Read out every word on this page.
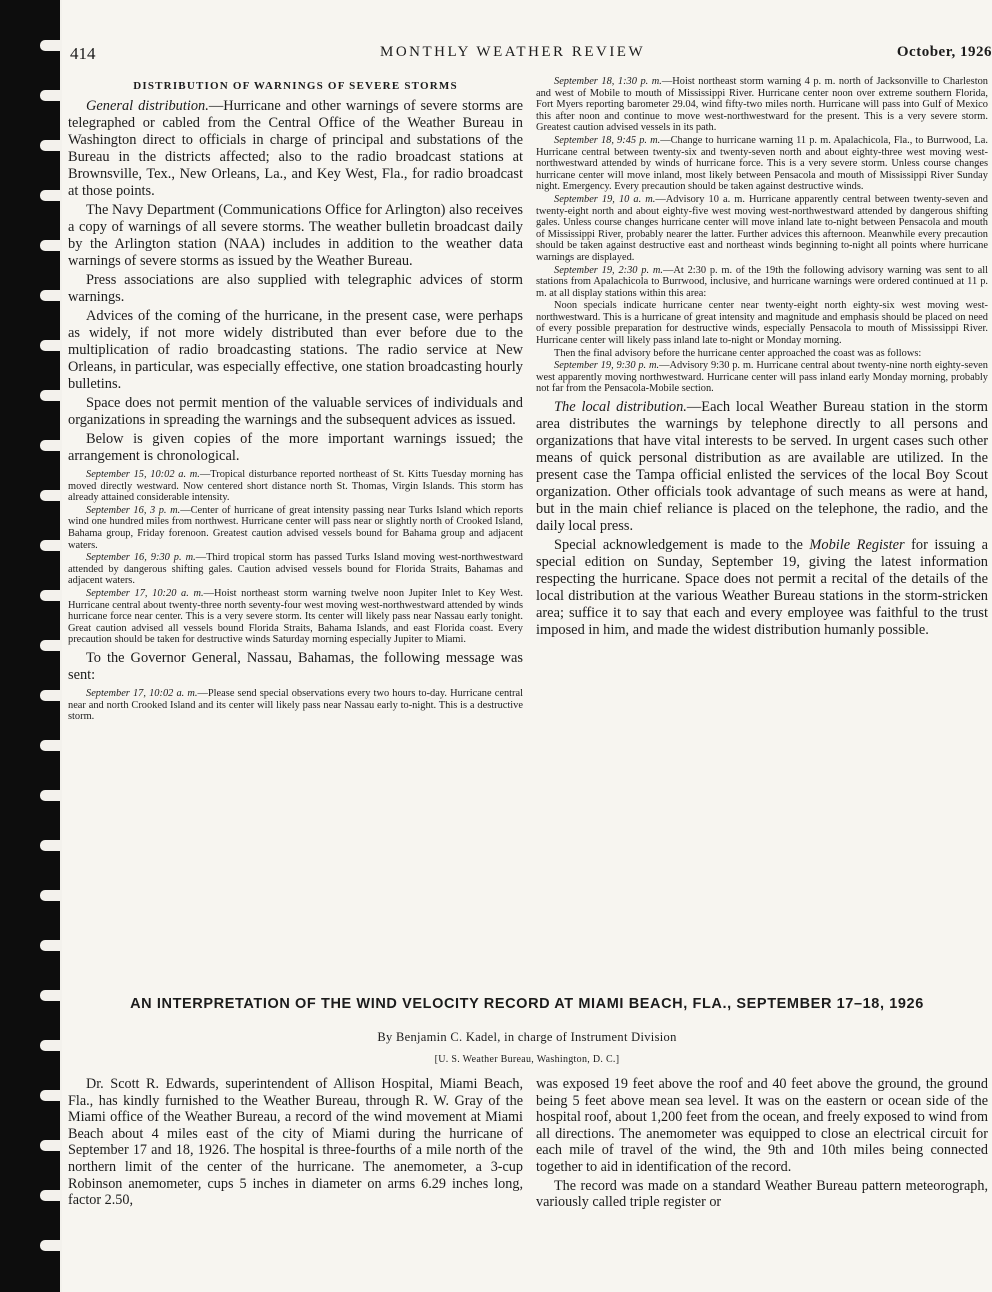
414	MONTHLY WEATHER REVIEW	October, 1926
DISTRIBUTION OF WARNINGS OF SEVERE STORMS

General distribution.—Hurricane and other warnings of severe storms are telegraphed or cabled from the Central Office of the Weather Bureau in Washington direct to officials in charge of principal and substations of the Bureau in the districts affected; also to the radio broadcast stations at Brownsville, Tex., New Orleans, La., and Key West, Fla., for radio broadcast at those points.

The Navy Department (Communications Office for Arlington) also receives a copy of warnings of all severe storms. The weather bulletin broadcast daily by the Arlington station (NAA) includes in addition to the weather data warnings of severe storms as issued by the Weather Bureau.

Press associations are also supplied with telegraphic advices of storm warnings.

Advices of the coming of the hurricane, in the present case, were perhaps as widely, if not more widely distributed than ever before due to the multiplication of radio broadcasting stations. The radio service at New Orleans, in particular, was especially effective, one station broadcasting hourly bulletins.

Space does not permit mention of the valuable services of individuals and organizations in spreading the warnings and the subsequent advices as issued.

Below is given copies of the more important warnings issued; the arrangement is chronological.

September 15, 10:02 a. m.—Tropical disturbance reported northeast of St. Kitts Tuesday morning has moved directly westward. Now centered short distance north St. Thomas, Virgin Islands. This storm has already attained considerable intensity.

September 16, 3 p. m.—Center of hurricane of great intensity passing near Turks Island which reports wind one hundred miles from northwest. Hurricane center will pass near or slightly north of Crooked Island, Bahama group, Friday forenoon. Greatest caution advised vessels bound for Bahama group and adjacent waters.

September 16, 9:30 p. m.—Third tropical storm has passed Turks Island moving west-northwestward attended by dangerous shifting gales. Caution advised vessels bound for Florida Straits, Bahamas and adjacent waters.

September 17, 10:20 a. m.—Hoist northeast storm warning twelve noon Jupiter Inlet to Key West. Hurricane central about twenty-three north seventy-four west moving west-northwestward attended by winds hurricane force near center. This is a very severe storm. Its center will likely pass near Nassau early tonight. Great caution advised all vessels bound Florida Straits, Bahama Islands, and east Florida coast. Every precaution should be taken for destructive winds Saturday morning especially Jupiter to Miami.

To the Governor General, Nassau, Bahamas, the following message was sent:

September 17, 10:02 a. m.—Please send special observations every two hours to-day. Hurricane central near and north Crooked Island and its center will likely pass near Nassau early to-night. This is a destructive storm.

September 18, 1:30 p. m.—Hoist northeast storm warning 4 p. m. north of Jacksonville to Charleston and west of Mobile to mouth of Mississippi River. Hurricane center noon over extreme southern Florida, Fort Myers reporting barometer 29.04, wind fifty-two miles north. Hurricane will pass into Gulf of Mexico this after noon and continue to move west-northwestward for the present. This is a very severe storm. Greatest caution advised vessels in its path.

September 18, 9:45 p. m.—Change to hurricane warning 11 p. m. Apalachicola, Fla., to Burrwood, La. Hurricane central between twenty-six and twenty-seven north and about eighty-three west moving west-northwestward attended by winds of hurricane force. This is a very severe storm. Unless course changes hurricane center will move inland, most likely between Pensacola and mouth of Mississippi River Sunday night. Emergency. Every precaution should be taken against destructive winds.

September 19, 10 a. m.—Advisory 10 a. m. Hurricane apparently central between twenty-seven and twenty-eight north and about eighty-five west moving west-northwestward attended by dangerous shifting gales. Unless course changes hurricane center will move inland late to-night between Pensacola and mouth of Mississippi River, probably nearer the latter. Further advices this afternoon. Meanwhile every precaution should be taken against destructive east and northeast winds beginning to-night all points where hurricane warnings are displayed.

September 19, 2:30 p. m.—At 2:30 p. m. of the 19th the following advisory warning was sent to all stations from Apalachicola to Burrwood, inclusive, and hurricane warnings were ordered continued at 11 p. m. at all display stations within this area:

Noon specials indicate hurricane center near twenty-eight north eighty-six west moving west-northwestward. This is a hurricane of great intensity and magnitude and emphasis should be placed on need of every possible preparation for destructive winds, especially Pensacola to mouth of Mississippi River. Hurricane center will likely pass inland late to-night or Monday morning.

Then the final advisory before the hurricane center approached the coast was as follows:

September 19, 9:30 p. m.—Advisory 9:30 p. m. Hurricane central about twenty-nine north eighty-seven west apparently moving northwestward. Hurricane center will pass inland early Monday morning, probably not far from the Pensacola-Mobile section.

The local distribution.—Each local Weather Bureau station in the storm area distributes the warnings by telephone directly to all persons and organizations that have vital interests to be served. In urgent cases such other means of quick personal distribution as are available are utilized. In the present case the Tampa official enlisted the services of the local Boy Scout organization. Other officials took advantage of such means as were at hand, but in the main chief reliance is placed on the telephone, the radio, and the daily local press.

Special acknowledgement is made to the Mobile Register for issuing a special edition on Sunday, September 19, giving the latest information respecting the hurricane. Space does not permit a recital of the details of the local distribution at the various Weather Bureau stations in the storm-stricken area; suffice it to say that each and every employee was faithful to the trust imposed in him, and made the widest distribution humanly possible.

AN INTERPRETATION OF THE WIND VELOCITY RECORD AT MIAMI BEACH, FLA., SEPTEMBER 17–18, 1926
By Benjamin C. Kadel, in charge of Instrument Division
[U. S. Weather Bureau, Washington, D. C.]

Dr. Scott R. Edwards, superintendent of Allison Hospital, Miami Beach, Fla., has kindly furnished to the Weather Bureau, through R. W. Gray of the Miami office of the Weather Bureau, a record of the wind movement at Miami Beach about 4 miles east of the city of Miami during the hurricane of September 17 and 18, 1926. The hospital is three-fourths of a mile north of the northern limit of the center of the hurricane. The anemometer, a 3-cup Robinson anemometer, cups 5 inches in diameter on arms 6.29 inches long, factor 2.50,

was exposed 19 feet above the roof and 40 feet above the ground, the ground being 5 feet above mean sea level. It was on the eastern or ocean side of the hospital roof, about 1,200 feet from the ocean, and freely exposed to wind from all directions. The anemometer was equipped to close an electrical circuit for each mile of travel of the wind, the 9th and 10th miles being connected together to aid in identification of the record.

The record was made on a standard Weather Bureau pattern meteorograph, variously called triple register or
